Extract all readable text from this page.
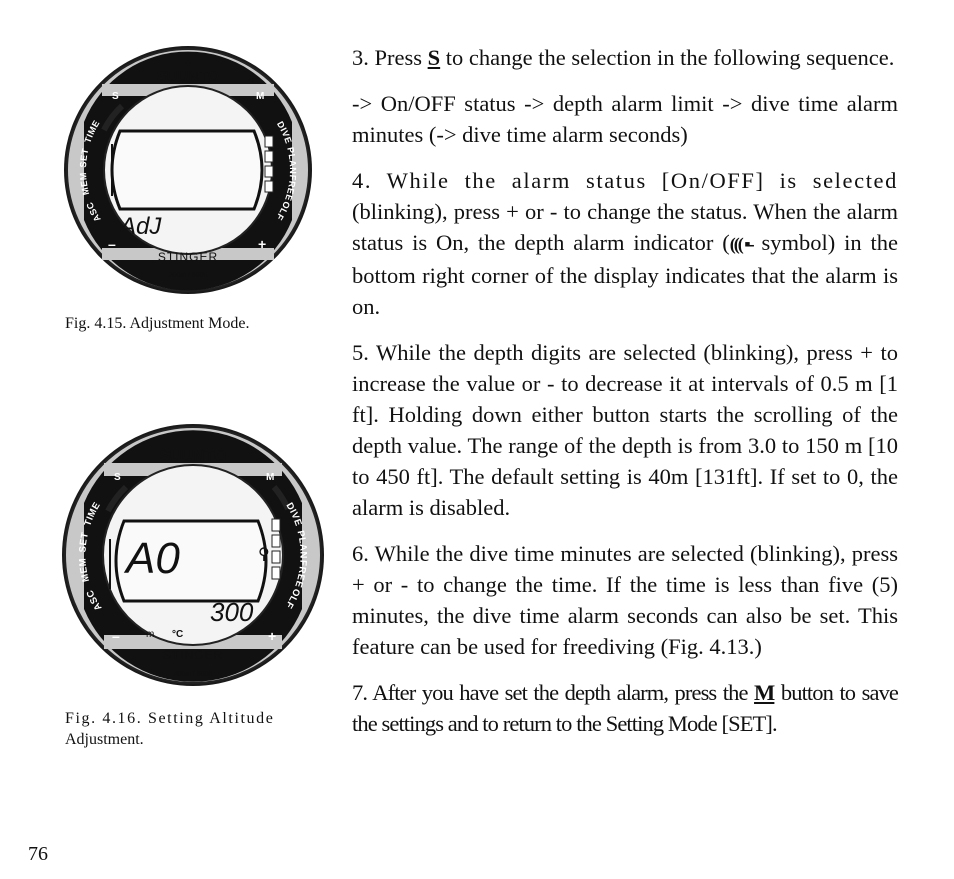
SUUNTO	◁≡
S	M
–	+
ASC
MEM
SET
TIME	DIVE
PLAN
FREE
OLF
AdJ
STINGER
200m / 660ft
Fig. 4.15. Adjustment Mode.
SUUNTO	◁≡
S	M
–	+
ASC
MEM
SET
TIME	DIVE
PLAN
FREE
OLF
A0	⚲
300
m °C
STINGER
200m / 660ft
Fig. 4.16. Setting Altitude
Adjustment.

3. Press S to change the selection in the following sequence.

-> On/OFF status -> depth alarm limit -> dive time alarm minutes (-> dive time alarm seconds)

4. While the alarm status [On/OFF] is selected (blinking), press + or - to change the status. When the alarm status is On, the depth alarm indicator (((( ▪- symbol) in the bottom right corner of the display indicates that the alarm is on.

5. While the depth digits are selected (blinking), press + to increase the value or - to decrease it at intervals of 0.5 m [1 ft]. Holding down either button starts the scrolling of the depth value. The range of the depth is from 3.0 to 150 m [10 to 450 ft]. The default setting is 40m [131ft]. If set to 0, the alarm is disabled.

6. While the dive time minutes are selected (blinking), press + or - to change the time. If the time is less than five (5) minutes, the dive time alarm seconds can also be set. This feature can be used for freediving (Fig. 4.13.)

7. After you have set the depth alarm, press the M button to save the settings and to return to the Setting Mode [SET].

76
